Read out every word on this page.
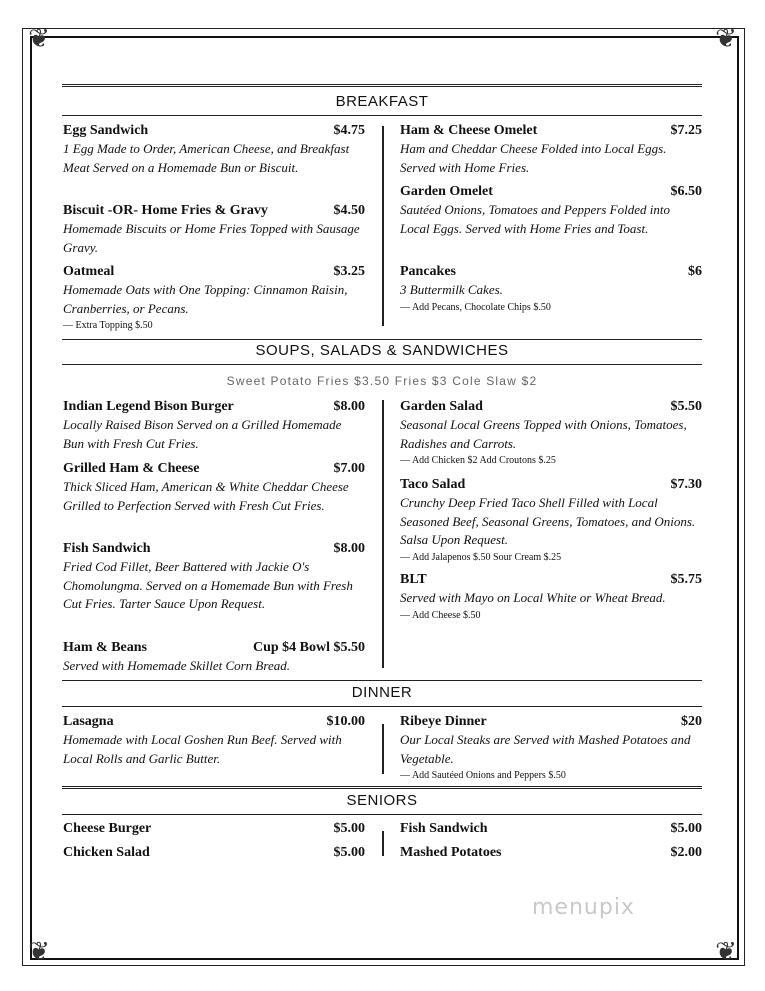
❦	❦
❦	❦
BREAKFAST
Egg Sandwich	$4.75
1 Egg Made to Order, American Cheese, and Breakfast Meat Served on a Homemade Bun or Biscuit.
Biscuit -OR- Home Fries & Gravy	$4.50
Homemade Biscuits or Home Fries Topped with Sausage Gravy.
Oatmeal	$3.25
Homemade Oats with One Topping: Cinnamon Raisin, Cranberries, or Pecans.
— Extra Topping $.50
Ham & Cheese Omelet	$7.25
Ham and Cheddar Cheese Folded into Local Eggs. Served with Home Fries.
Garden Omelet	$6.50
Sautéed Onions, Tomatoes and Peppers Folded into Local Eggs. Served with Home Fries and Toast.
Pancakes	$6
3 Buttermilk Cakes.
— Add Pecans, Chocolate Chips $.50
SOUPS, SALADS & SANDWICHES
Sweet Potato Fries $3.50 Fries $3 Cole Slaw $2
Indian Legend Bison Burger	$8.00
Locally Raised Bison Served on a Grilled Homemade Bun with Fresh Cut Fries.
Grilled Ham & Cheese	$7.00
Thick Sliced Ham, American & White Cheddar Cheese Grilled to Perfection Served with Fresh Cut Fries.
Fish Sandwich	$8.00
Fried Cod Fillet, Beer Battered with Jackie O's Chomolungma. Served on a Homemade Bun with Fresh Cut Fries. Tarter Sauce Upon Request.
Ham & Beans	Cup $4 Bowl $5.50
Served with Homemade Skillet Corn Bread.
Garden Salad	$5.50
Seasonal Local Greens Topped with Onions, Tomatoes, Radishes and Carrots.
— Add Chicken $2 Add Croutons $.25
Taco Salad	$7.30
Crunchy Deep Fried Taco Shell Filled with Local Seasoned Beef, Seasonal Greens, Tomatoes, and Onions. Salsa Upon Request.
— Add Jalapenos $.50 Sour Cream $.25
BLT	$5.75
Served with Mayo on Local White or Wheat Bread.
— Add Cheese $.50
DINNER
Lasagna	$10.00
Homemade with Local Goshen Run Beef. Served with Local Rolls and Garlic Butter.
Ribeye Dinner	$20
Our Local Steaks are Served with Mashed Potatoes and Vegetable.
— Add Sautéed Onions and Peppers $.50
SENIORS
Cheese Burger	$5.00
Chicken Salad	$5.00
Fish Sandwich	$5.00
Mashed Potatoes	$2.00
menupix
